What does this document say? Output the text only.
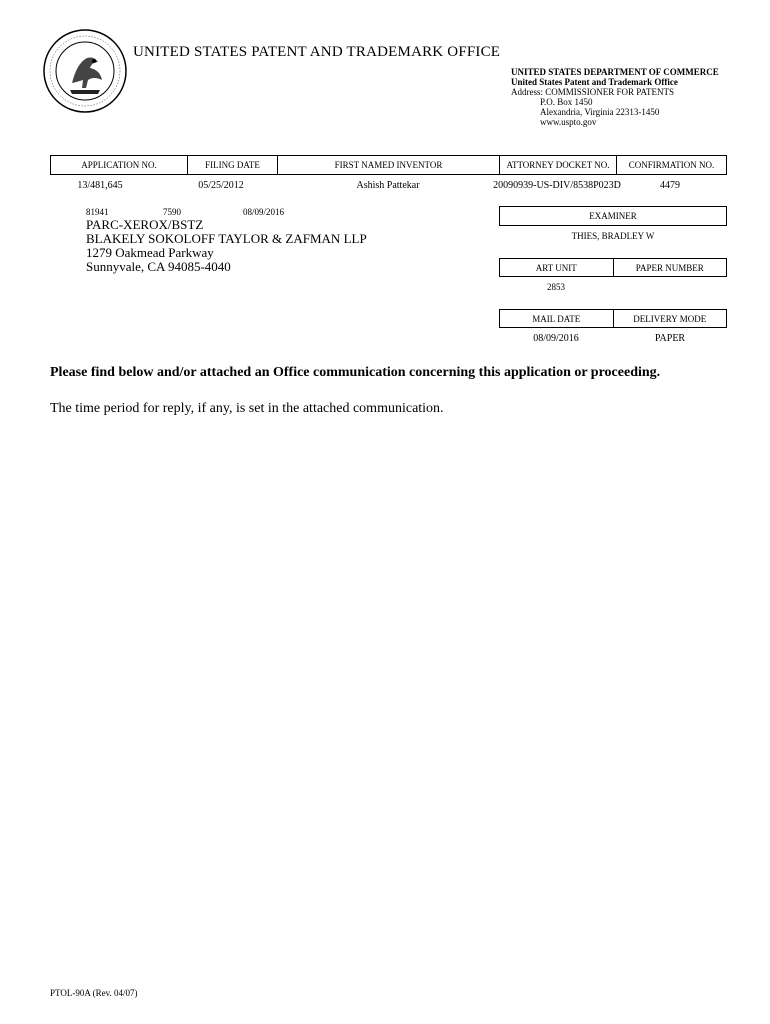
UNITED STATES PATENT AND TRADEMARK OFFICE
UNITED STATES DEPARTMENT OF COMMERCE
United States Patent and Trademark Office
Address: COMMISSIONER FOR PATENTS
P.O. Box 1450
Alexandria, Virginia 22313-1450
www.uspto.gov
APPLICATION NO.	FILING DATE	FIRST NAMED INVENTOR	ATTORNEY DOCKET NO.	CONFIRMATION NO.
13/481,645	05/25/2012	Ashish Pattekar	20090939-US-DIV/8538P023D	4479
81941	7590	08/09/2016
PARC-XEROX/BSTZ
BLAKELY SOKOLOFF TAYLOR & ZAFMAN LLP
1279 Oakmead Parkway
Sunnyvale, CA 94085-4040
EXAMINER
THIES, BRADLEY W
ART UNIT	PAPER NUMBER
2853
MAIL DATE	DELIVERY MODE
08/09/2016	PAPER
Please find below and/or attached an Office communication concerning this application or proceeding.
The time period for reply, if any, is set in the attached communication.
PTOL-90A (Rev. 04/07)
